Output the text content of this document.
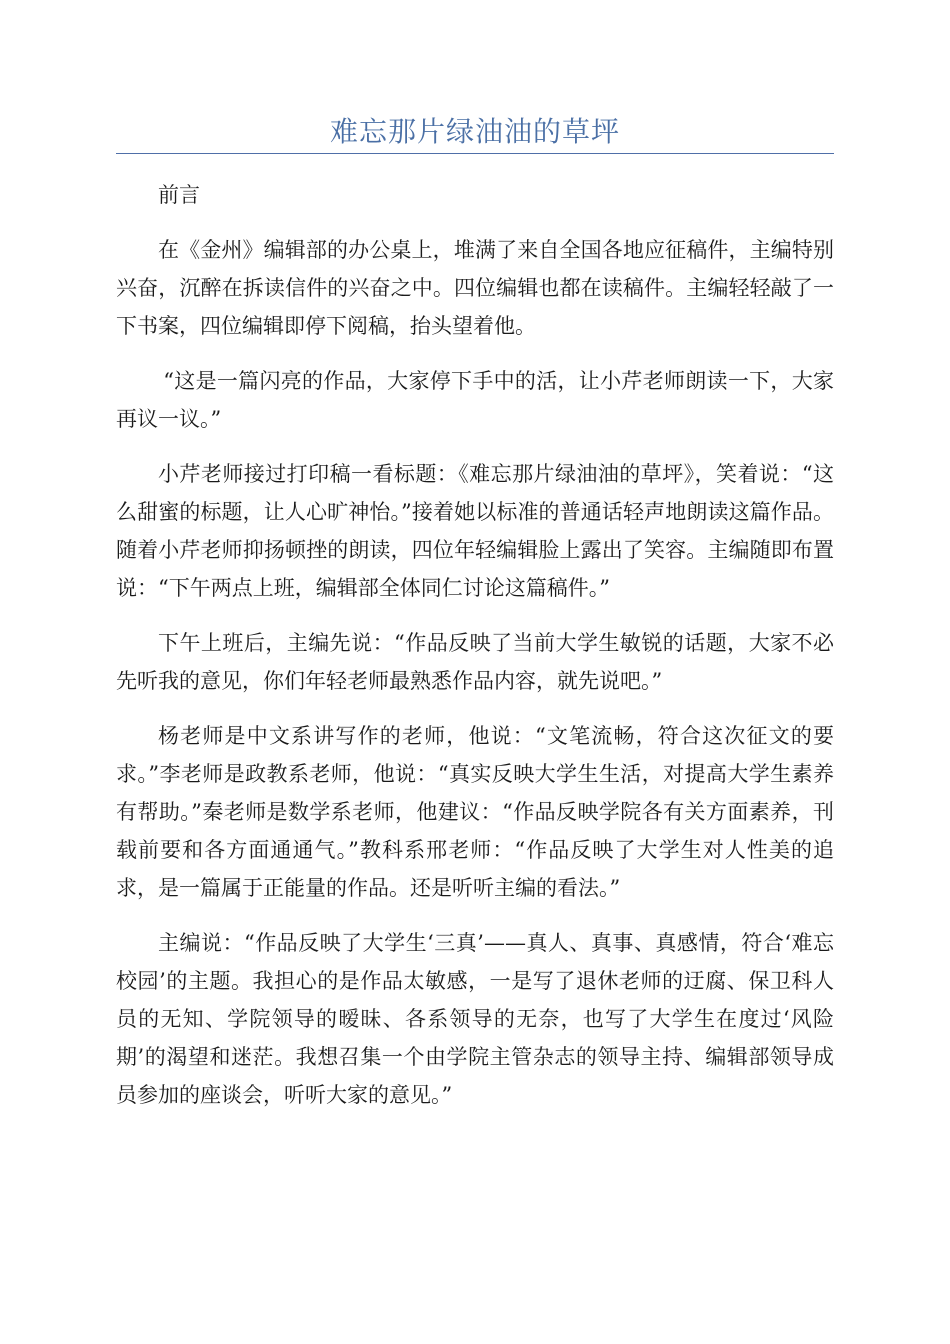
难忘那片绿油油的草坪

前言

在《金州》编辑部的办公桌上，堆满了来自全国各地应征稿件，主编特别兴奋，沉醉在拆读信件的兴奋之中。四位编辑也都在读稿件。主编轻轻敲了一下书案，四位编辑即停下阅稿，抬头望着他。

“这是一篇闪亮的作品，大家停下手中的活，让小芹老师朗读一下，大家再议一议。”

小芹老师接过打印稿一看标题：《难忘那片绿油油的草坪》，笑着说：“这么甜蜜的标题，让人心旷神怡。”接着她以标准的普通话轻声地朗读这篇作品。随着小芹老师抑扬顿挫的朗读，四位年轻编辑脸上露出了笑容。主编随即布置说：“下午两点上班，编辑部全体同仁讨论这篇稿件。”

下午上班后，主编先说：“作品反映了当前大学生敏锐的话题，大家不必先听我的意见，你们年轻老师最熟悉作品内容，就先说吧。”

杨老师是中文系讲写作的老师，他说：“文笔流畅，符合这次征文的要求。”李老师是政教系老师，他说：“真实反映大学生生活，对提高大学生素养有帮助。”秦老师是数学系老师，他建议：“作品反映学院各有关方面素养，刊载前要和各方面通通气。”教科系邢老师：“作品反映了大学生对人性美的追求，是一篇属于正能量的作品。还是听听主编的看法。”

主编说：“作品反映了大学生‘三真’——真人、真事、真感情，符合‘难忘校园’的主题。我担心的是作品太敏感，一是写了退休老师的迂腐、保卫科人员的无知、学院领导的暧昧、各系领导的无奈，也写了大学生在度过‘风险期’的渴望和迷茫。我想召集一个由学院主管杂志的领导主持、编辑部领导成员参加的座谈会，听听大家的意见。”
